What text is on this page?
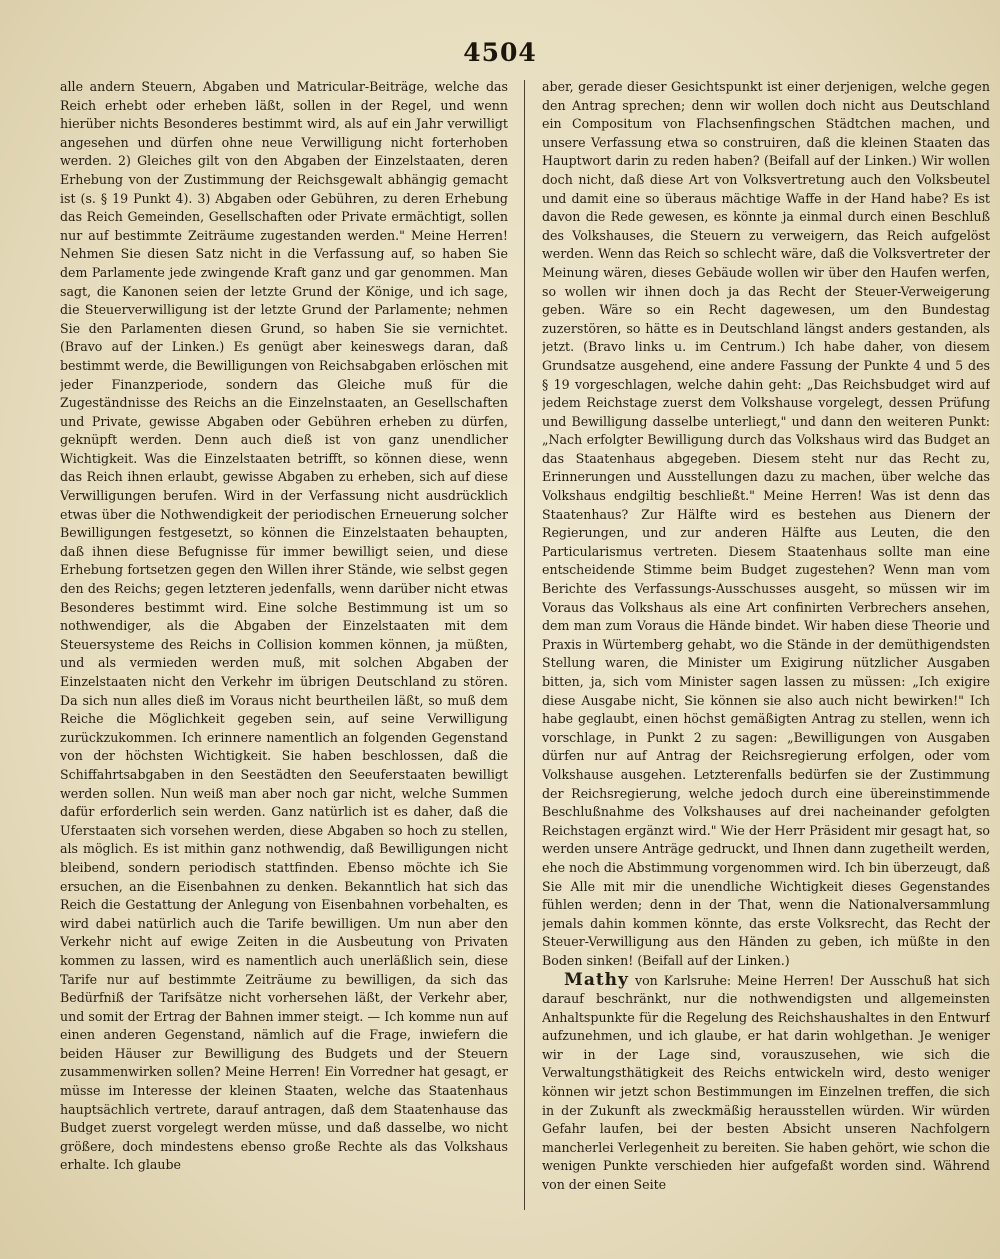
4504

alle andern Steuern, Abgaben und Matricular-Beiträge, welche das Reich erhebt oder erheben läßt, sollen in der Regel, und wenn hierüber nichts Besonderes bestimmt wird, als auf ein Jahr verwilligt angesehen und dürfen ohne neue Verwilligung nicht forterhoben werden. 2) Gleiches gilt von den Abgaben der Einzelstaaten, deren Erhebung von der Zustimmung der Reichsgewalt abhängig gemacht ist (s. § 19 Punkt 4). 3) Abgaben oder Gebühren, zu deren Erhebung das Reich Gemeinden, Gesellschaften oder Private ermächtigt, sollen nur auf bestimmte Zeiträume zugestanden werden." Meine Herren! Nehmen Sie diesen Satz nicht in die Verfassung auf, so haben Sie dem Parlamente jede zwingende Kraft ganz und gar genommen. Man sagt, die Kanonen seien der letzte Grund der Könige, und ich sage, die Steuerverwilligung ist der letzte Grund der Parlamente; nehmen Sie den Parlamenten diesen Grund, so haben Sie sie vernichtet. (Bravo auf der Linken.) Es genügt aber keineswegs daran, daß bestimmt werde, die Bewilligungen von Reichsabgaben erlöschen mit jeder Finanzperiode, sondern das Gleiche muß für die Zugeständnisse des Reichs an die Einzelnstaaten, an Gesellschaften und Private, gewisse Abgaben oder Gebühren erheben zu dürfen, geknüpft werden. Denn auch dieß ist von ganz unendlicher Wichtigkeit. Was die Einzelstaaten betrifft, so können diese, wenn das Reich ihnen erlaubt, gewisse Abgaben zu erheben, sich auf diese Verwilligungen berufen. Wird in der Verfassung nicht ausdrücklich etwas über die Nothwendigkeit der periodischen Erneuerung solcher Bewilligungen festgesetzt, so können die Einzelstaaten behaupten, daß ihnen diese Befugnisse für immer bewilligt seien, und diese Erhebung fortsetzen gegen den Willen ihrer Stände, wie selbst gegen den des Reichs; gegen letzteren jedenfalls, wenn darüber nicht etwas Besonderes bestimmt wird. Eine solche Bestimmung ist um so nothwendiger, als die Abgaben der Einzelstaaten mit dem Steuersysteme des Reichs in Collision kommen können, ja müßten, und als vermieden werden muß, mit solchen Abgaben der Einzelstaaten nicht den Verkehr im übrigen Deutschland zu stören. Da sich nun alles dieß im Voraus nicht beurtheilen läßt, so muß dem Reiche die Möglichkeit gegeben sein, auf seine Verwilligung zurückzukommen. Ich erinnere namentlich an folgenden Gegenstand von der höchsten Wichtigkeit. Sie haben beschlossen, daß die Schiffahrtsabgaben in den Seestädten den Seeuferstaaten bewilligt werden sollen. Nun weiß man aber noch gar nicht, welche Summen dafür erforderlich sein werden. Ganz natürlich ist es daher, daß die Uferstaaten sich vorsehen werden, diese Abgaben so hoch zu stellen, als möglich. Es ist mithin ganz nothwendig, daß Bewilligungen nicht bleibend, sondern periodisch stattfinden. Ebenso möchte ich Sie ersuchen, an die Eisenbahnen zu denken. Bekanntlich hat sich das Reich die Gestattung der Anlegung von Eisenbahnen vorbehalten, es wird dabei natürlich auch die Tarife bewilligen. Um nun aber den Verkehr nicht auf ewige Zeiten in die Ausbeutung von Privaten kommen zu lassen, wird es namentlich auch unerläßlich sein, diese Tarife nur auf bestimmte Zeiträume zu bewilligen, da sich das Bedürfniß der Tarifsätze nicht vorhersehen läßt, der Verkehr aber, und somit der Ertrag der Bahnen immer steigt. — Ich komme nun auf einen anderen Gegenstand, nämlich auf die Frage, inwiefern die beiden Häuser zur Bewilligung des Budgets und der Steuern zusammenwirken sollen? Meine Herren! Ein Vorredner hat gesagt, er müsse im Interesse der kleinen Staaten, welche das Staatenhaus hauptsächlich vertrete, darauf antragen, daß dem Staatenhause das Budget zuerst vorgelegt werden müsse, und daß dasselbe, wo nicht größere, doch mindestens ebenso große Rechte als das Volkshaus erhalte. Ich glaube

aber, gerade dieser Gesichtspunkt ist einer derjenigen, welche gegen den Antrag sprechen; denn wir wollen doch nicht aus Deutschland ein Compositum von Flachsenfingschen Städtchen machen, und unsere Verfassung etwa so construiren, daß die kleinen Staaten das Hauptwort darin zu reden haben? (Beifall auf der Linken.) Wir wollen doch nicht, daß diese Art von Volksvertretung auch den Volksbeutel und damit eine so überaus mächtige Waffe in der Hand habe? Es ist davon die Rede gewesen, es könnte ja einmal durch einen Beschluß des Volkshauses, die Steuern zu verweigern, das Reich aufgelöst werden. Wenn das Reich so schlecht wäre, daß die Volksvertreter der Meinung wären, dieses Gebäude wollen wir über den Haufen werfen, so wollen wir ihnen doch ja das Recht der Steuer-Verweigerung geben. Wäre so ein Recht dagewesen, um den Bundestag zuzerstören, so hätte es in Deutschland längst anders gestanden, als jetzt. (Bravo links u. im Centrum.) Ich habe daher, von diesem Grundsatze ausgehend, eine andere Fassung der Punkte 4 und 5 des § 19 vorgeschlagen, welche dahin geht: „Das Reichsbudget wird auf jedem Reichstage zuerst dem Volkshause vorgelegt, dessen Prüfung und Bewilligung dasselbe unterliegt," und dann den weiteren Punkt: „Nach erfolgter Bewilligung durch das Volkshaus wird das Budget an das Staatenhaus abgegeben. Diesem steht nur das Recht zu, Erinnerungen und Ausstellungen dazu zu machen, über welche das Volkshaus endgiltig beschließt." Meine Herren! Was ist denn das Staatenhaus? Zur Hälfte wird es bestehen aus Dienern der Regierungen, und zur anderen Hälfte aus Leuten, die den Particularismus vertreten. Diesem Staatenhaus sollte man eine entscheidende Stimme beim Budget zugestehen? Wenn man vom Berichte des Verfassungs-Ausschusses ausgeht, so müssen wir im Voraus das Volkshaus als eine Art confinirten Verbrechers ansehen, dem man zum Voraus die Hände bindet. Wir haben diese Theorie und Praxis in Würtemberg gehabt, wo die Stände in der demüthigendsten Stellung waren, die Minister um Exigirung nützlicher Ausgaben bitten, ja, sich vom Minister sagen lassen zu müssen: „Ich exigire diese Ausgabe nicht, Sie können sie also auch nicht bewirken!" Ich habe geglaubt, einen höchst gemäßigten Antrag zu stellen, wenn ich vorschlage, in Punkt 2 zu sagen: „Bewilligungen von Ausgaben dürfen nur auf Antrag der Reichsregierung erfolgen, oder vom Volkshause ausgehen. Letzterenfalls bedürfen sie der Zustimmung der Reichsregierung, welche jedoch durch eine übereinstimmende Beschlußnahme des Volkshauses auf drei nacheinander gefolgten Reichstagen ergänzt wird." Wie der Herr Präsident mir gesagt hat, so werden unsere Anträge gedruckt, und Ihnen dann zugetheilt werden, ehe noch die Abstimmung vorgenommen wird. Ich bin überzeugt, daß Sie Alle mit mir die unendliche Wichtigkeit dieses Gegenstandes fühlen werden; denn in der That, wenn die Nationalversammlung jemals dahin kommen könnte, das erste Volksrecht, das Recht der Steuer-Verwilligung aus den Händen zu geben, ich müßte in den Boden sinken! (Beifall auf der Linken.)

Mathy von Karlsruhe: Meine Herren! Der Ausschuß hat sich darauf beschränkt, nur die nothwendigsten und allgemeinsten Anhaltspunkte für die Regelung des Reichshaushaltes in den Entwurf aufzunehmen, und ich glaube, er hat darin wohlgethan. Je weniger wir in der Lage sind, vorauszusehen, wie sich die Verwaltungsthätigkeit des Reichs entwickeln wird, desto weniger können wir jetzt schon Bestimmungen im Einzelnen treffen, die sich in der Zukunft als zweckmäßig herausstellen würden. Wir würden Gefahr laufen, bei der besten Absicht unseren Nachfolgern mancherlei Verlegenheit zu bereiten. Sie haben gehört, wie schon die wenigen Punkte verschieden hier aufgefaßt worden sind. Während von der einen Seite
